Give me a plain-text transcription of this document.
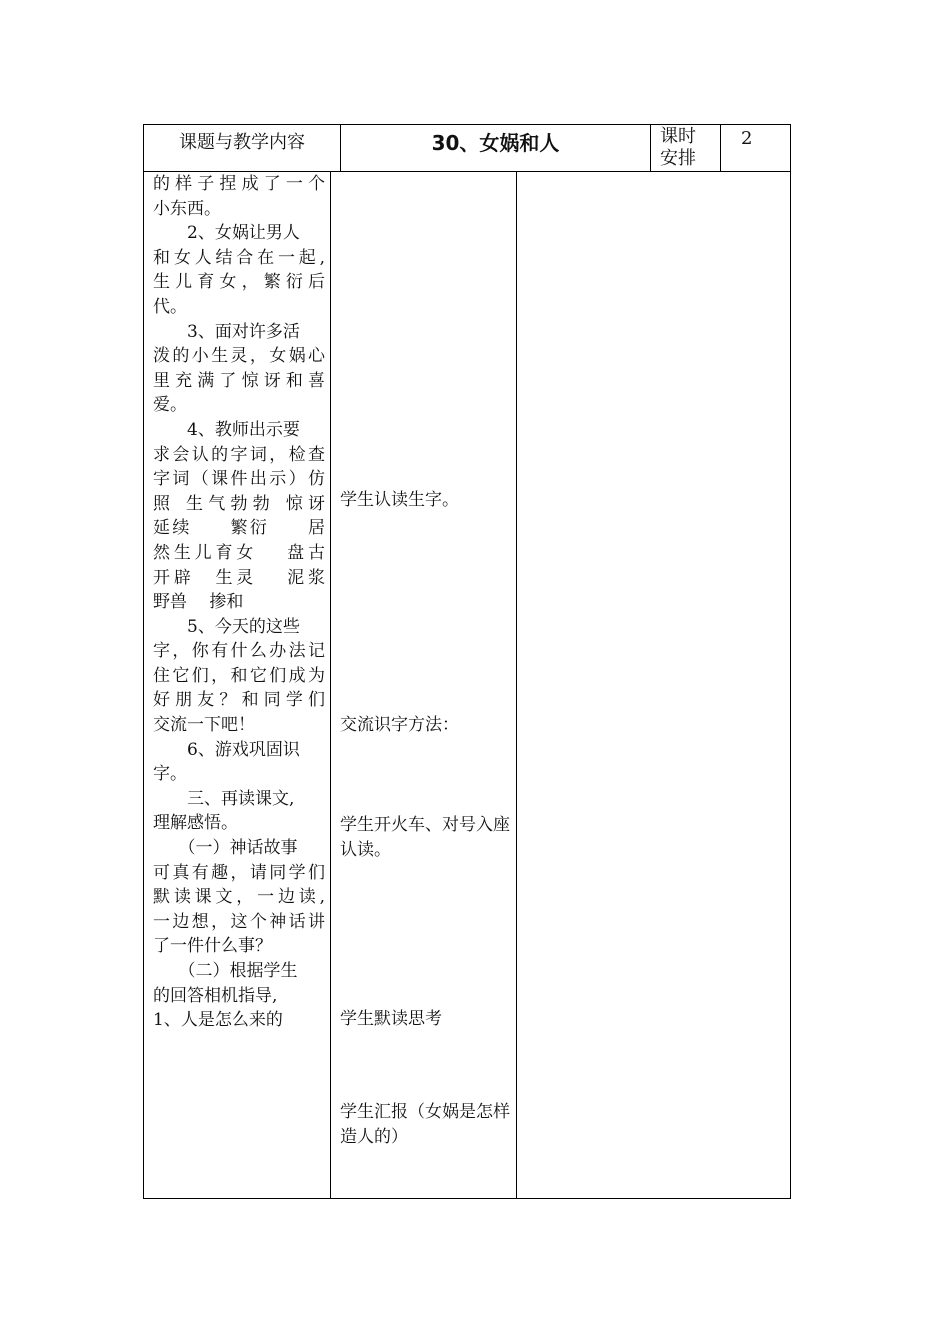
课题与教学内容	30、女娲和人	课时
安排
2
的样子捏成了一个
小东西。
　　2、女娲让男人
和女人结合在一起,
生儿育女，繁衍后
代。
　　3、面对许多活
泼的小生灵，女娲心
里充满了惊讶和喜
爱。
　　4、教师出示要
求会认的字词，检查
字词（课件出示）仿
照 生气勃勃 惊讶
延续　　繁衍　　居
然生儿育女　 盘古
开辟　生灵　 泥浆
野兽　 掺和
　　5、今天的这些
字，你有什么办法记
住它们，和它们成为
好朋友？和同学们
交流一下吧！
　　6、游戏巩固识
字。
　　三、再读课文,
理解感悟。
　　（一）神话故事
可真有趣，请同学们
默读课文，一边读,
一边想，这个神话讲
了一件什么事？
　　（二）根据学生
的回答相机指导,
1、人是怎么来的
学生认读生字。
交流识字方法：
学生开火车、对号入座认读。
学生默读思考
学生汇报（女娲是怎样造人的）
